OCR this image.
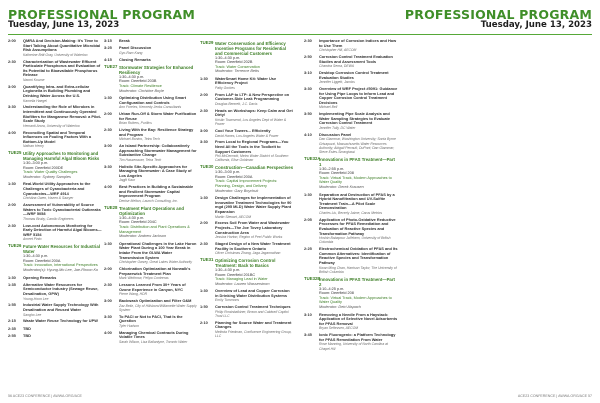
PROFESSIONAL PROGRAM
Tuesday, June 13, 2023
2:00	QMRA And Decision-Making: It's Time to Start Talking About Quantitative Microbial Risk Assumptions
Katherine Britt Gray, University of Waterloo
2:30	Characterization of Wastewater Effluent Particulate Phosphorus and Evaluation of Its Potential to Bioavailable Phosphorus Release
Naomi Koume
3:00	Quantifying Intra- and Extra-cellular Legionella in Building Plumbing and Drinking Water Across the U.S.
Kamelia Haegel
3:30	Understanding the Role of Microbes in Intermittent and Continuously Operated Biofilters for Manganese Removal: a Pilot-Scale Study
Hemanti Arora, University of Waterloo
4:00	Reconciling Spatial and Temporal Influences on Fouling Factors With a Bottom-Up Model
Nathan Henry
TUE25 Utility Approaches to Monitoring and Managing Harmful Algal Bloom Risks
1:30–3:00 p.m.
Room: Deerfield 200DE
Track: Water Quality Challenges
Moderator: Sydney Samples
1:30	Real-World Utility Approaches to the Challenges of Cyanobacteria and Cyanotoxins—WRF 4914
Christina Owen, Hazen & Sawyer
2:00	Assessment of Vulnerability of Source Waters to Toxic Cyanobacterial Outbreaks—WRF 5058
Thomas Bruby, Carollo Engineers
2:30	Low-cost Autonomous Monitoring for Early Detection of Harmful Algal Blooms—WRF 5154
Ameet Pinto
TUE26 Future Water Resources for Industrial Water
1:30–4:30 p.m.
Room: Deerfield 200A
Track: Innovation, International Perspectives
Moderator(s): Hyung-Mo Lee, Jae-Rhoon Ko
1:30	Opening Remarks
1:35	Alternative Water Resources for Semiconductor Industry (Sewage Reuse, Desalination, GPW)
Young-Hoon Lee
1:55	Industrial Water Supply Technology With Desalination and Reused Water
Sangho Lee
2:15	Waste Water Reuse Technology for UPW
2:35	TBD
2:55	TBD
3:15	Break
3:25	Panel Discussion
Gyo-Ram Kang
4:15	Closing Remarks
TUE27 Stormwater Strategies for Enhanced Resiliency
1:30–4:30 p.m.
Room: Deerfield 203B
Track: Climate Resilience
Moderator: Christine Boyle
1:30	Optimizing Distribution Using Smart Configuration and Controls
Ann Foreles, Kennedy Jenks Consultants
2:00	Urban Run-Off & Storm Water Purification for Reuse
Brian Rutters, Purifics
2:30	Living With the Bay: Resilience Strategy and Program
Michael Bonino, Tetra Tech
3:00	An Island Partnership: Collaboratively Approaching Stormwater Management for Substantive Change
Tim Hassenauer, Tetra Tech
3:30	Holistic Site-Specific Approaches for Managing Stormwater: A Case Study of Los Angeles
Jagjit Kaur
4:00	Best Practices in Building a Sustainable and Resilient Stormwater Capital Improvement Program
Denise Melton, Launch Consulting, Inc.
TUE28 Treatment Plant Operations and Optimization
1:30–4:30 p.m.
Room: Deerfield 204C
Track: Distribution and Plant Operations & Management
Moderator: Andrew Jackson
1:30	Operational Challenges in the Lake Huron Water Plant During a 100 Year Break in Intake From the GLWA Water Transmission System
Christopher Owsey, Great Lakes Water Authority
2:00	Chlorination Optimization at Norwalk's Preparewick Treatment Plan
Mark Winthrow, Pelipo Contreras
2:30	Lessons Learned From 30+ Years of Ozone Experience in Canyon, NYC
Pierre Wang, HDR
3:00	Backwash Optimization and Filter O&M
Zaz Beitz, City of Hillsboro/Willamette Water Supply System
3:30	To PACl or Not to PACl, That Is the Question
Tyler Hudson
4:00	Managing Chemical Contracts During Volatile Times
Sarah Wilson, Lisa Ballantyne, Toronto Water
TUE29 Water Conservation and Efficiency Incentive Programs for Residential and Commercial Customers
1:30–4:30 p.m.
Room: Deerfield 202B
Track: Water Conservation
Moderator: Terrence Betts
1:30	WaterSmart Home Kit: Water Use Efficiency Project
Patty Gorbes
2:00	From LAP to LTP: A New Perspective on Customer-Side Leak Programming
Douglas Bennett, J.C. Davis
2:30	Heads on Workshops: Keep Calm and Get Dirty!
Kristin Townsend, Los Angeles Dept of Water & Power
3:00	Cool Your Towers... Efficiently
David Hanes, Los Angeles Water & Power
3:30	From Local to Regional Programs—You Need All the Tools in the Toolbelt to Support Customers
Phil McDermott, Metro Water District of Southern California, Elise Goldman
TUE30 Construction—Canadian Perspectives
1:30–3:00 p.m.
Room: Deerfield 200A
Track: Capital Improvement Projects: Planning, Design, and Delivery
Moderator: Gary Boychuk
1:30	Design Challenges for Implementation of Innovative Treatment Technologies for 90 mgd (295 MLD) Water Water Supply Plant Expansion
Martin Stewart, AECOM
2:00	Excess Soil From Water and Wastewater Projects—The Joe Tovey Laboratory Construction Area
Jessica Horton, Region of Peel Public Works
2:30	Staged Design of a New Water Treatment Facility in Southern Ontario
Oliver Christmas Zhang, Jaga Jagannathan
TUE31 Optimizing Corrosion Control Treatment: Back to Basics
1:30–4:30 p.m.
Room: Deerfield 201BC
Track: Managing Lead in Water
Moderator: Lauren Wasserstrom
1:30	Overview of Lead and Copper Corrosion in Drinking Water Distribution Systems
Emily Tummons
1:50	Corrosion Control Treatment Techniques
Philip Rowinbalkiner, Brown and Caldwell Capitol Trust LLC
2:10	Planning for Source Water and Treatment Changes
Melinda Friedman, Confluence Engineering Group, LLC
56 ACE23 CONFERENCE | AWWA.ORG/ACE
PROFESSIONAL PROGRAM
Tuesday, June 13, 2023
2:30	Importance of Corrosion Indices and How to Use Them
Christopher Hill, AECOM
2:50	Corrosion Control Treatment Evaluation Studies and Assessment Tools
Chandra Serna, DEWA
3:10	Desktop Corrosion Control Treatment Evaluation Studies
Jennifer Liggett, Jacobs
3:30	Overview of WRF Project #5091: Guidance for Using Pipe Loops to Inform Lead and Copper Corrosion Control Treatment Decisions
Michael Bell
3:50	Implementing Pipe Scale Analysis and Water Sampling Strategies to Evaluate Corrosion Control Treatment
Jennifer Tully, DC Water
4:10	Discussion Panel
Dan Giammar, Washington University; Sonia Byrne Grisapuzzi, Massachusetts Water Resources Authority; Abigail Perrault, DuPont; Dan Giammar; Steve Estes-Smargiassi
TUE32A
Innovations in PFAS Treatment—Part 1
1:30–2:55 p.m.
Room: Deerfield 208
Track: Virtual Track, Modern Approaches to Water Quality
Moderator: Derek Krausen
1:30	Separation and Destruction of PFAS by a Hybrid Nanofiltration and UV-Sulfite Treatment Train—A Pilot Scale Demonstration
Charles Liu, Beverly Jaime, Carus Metrics
2:05	Application of Photo-Oxidative Reductive Processes for PFAS Remediation and Evaluation of Reactive Species and Transformation Pathway
Hoshin Babapour Ja'fekem, University of British Columbia
2:25	Electrochemical Oxidation of PFAS and Its Common Alternatives: Identification of Reactive Species and Transformation Pathway
Kwan Ming Chan, Harrison Taylor, The University of British Columbia
TUE32B
Innovations in PFAS Treatment—Part 2
3:10–4:25 p.m.
Room: Deerfield 208
Track: Virtual Track, Modern Approaches to Water Quality
Moderator: Detri Alspach
3:10	Removing a Needle From a Haystack: Application of Selective Novel Adsorbents for PFAS Removal
Bryan Seftevsen, AECOM
3:45	Ionic Fluorogenic: a Platform Technology for PFAS Remediation From Water
Rose Manning, University of North Carolina at Chapel Hill
ACE23 CONFERENCE | AWWA.ORG/ACE 57
